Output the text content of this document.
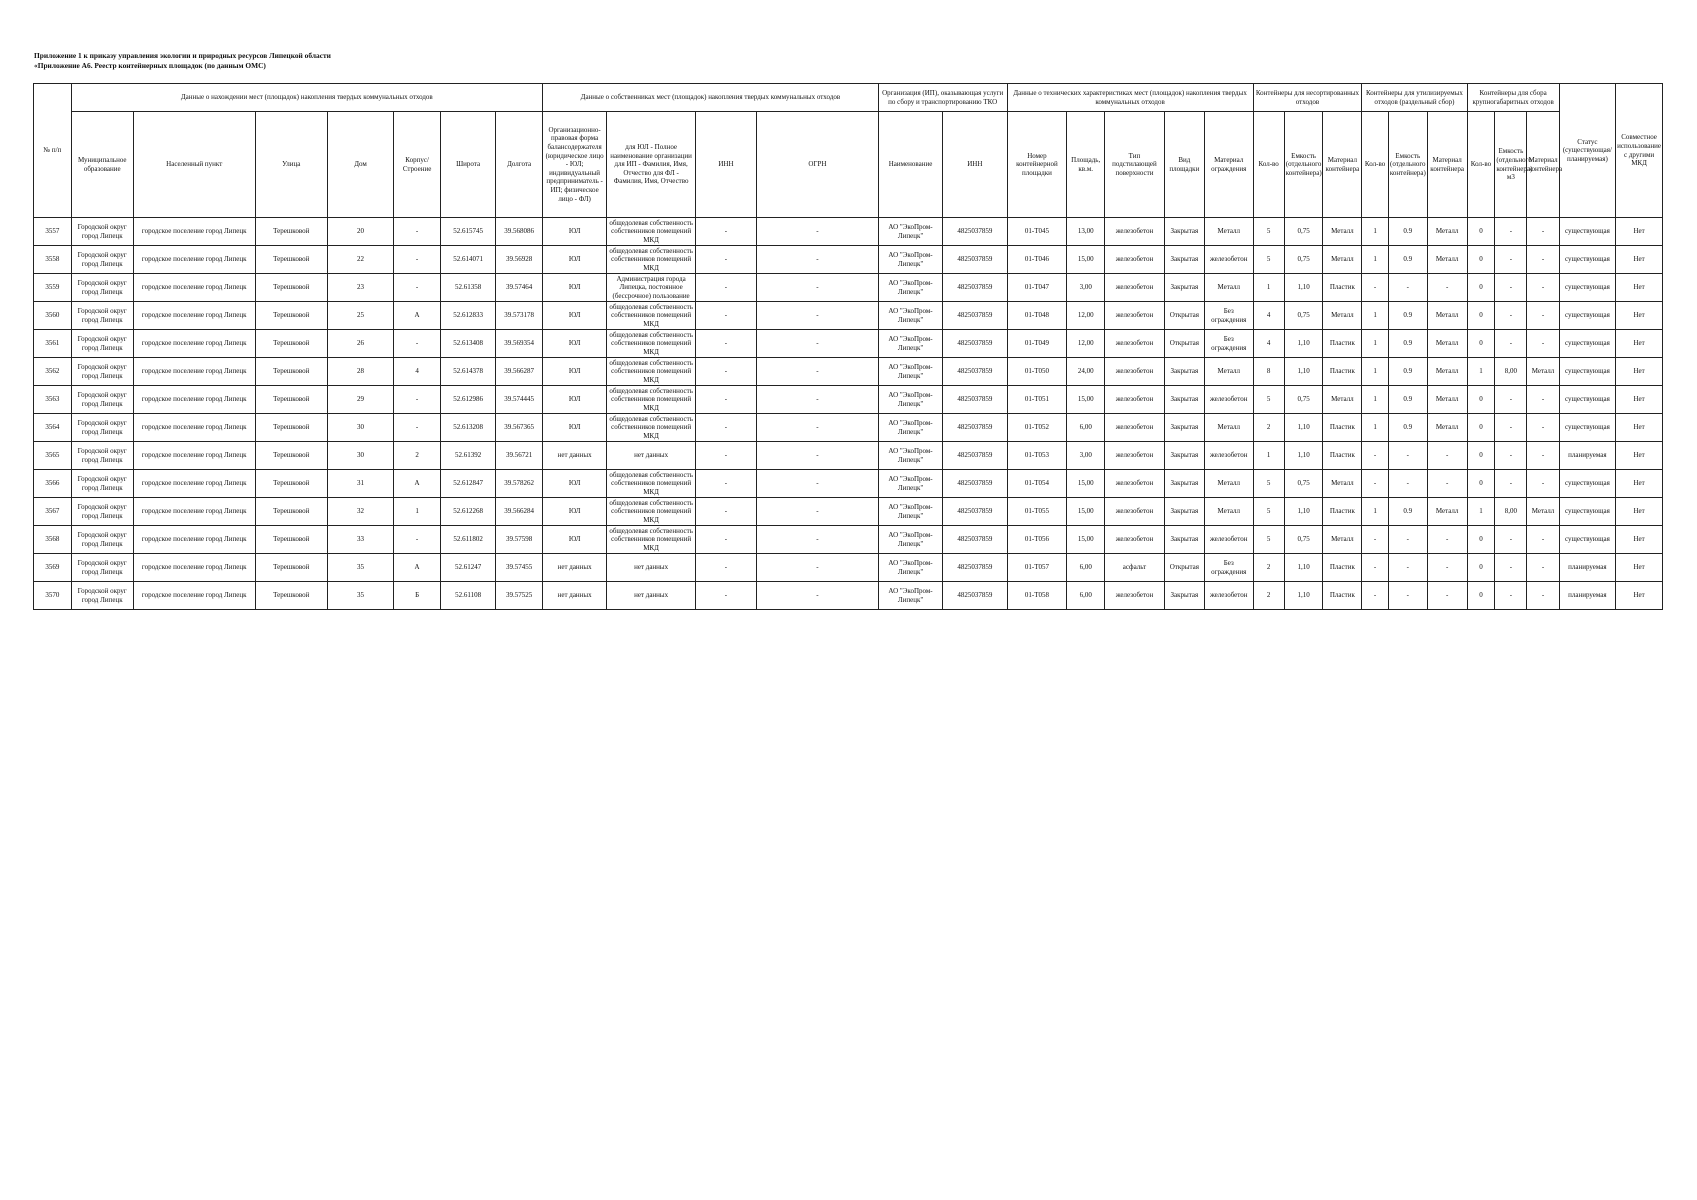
Приложение 1 к приказу управления экологии и природных ресурсов Липецкой области
«Приложение А6. Реестр контейнерных площадок (по данным ОМС)
№ п/п	Данные о нахождении мест (площадок) накопления твердых коммунальных отходов							Данные о собственниках мест (площадок) накопления твердых коммунальных отходов				Организация (ИП), оказывающая услуги по сбору и транспортированию ТКО		Данные о технических характеристиках мест (площадок) накопления твердых коммунальных отходов					Контейнеры для несортированных отходов			Контейнеры для утилизируемых отходов (раздельный сбор)			Контейнеры для сбора крупногабаритных отходов			Статус (существующая/ планируемая)	Совместное использование с другими МКД
	Муниципальное образование	Населенный пункт	Улица	Дом	Корпус/Строение	Широта	Долгота	Организационно-правовая форма балансодержателя (юридическое лицо - ЮЛ; индивидуальный предприниматель - ИП; физическое лицо - ФЛ)	для ЮЛ - Полное наименование организации для ИП - Фамилия, Имя, Отчество для ФЛ - Фамилия, Имя, Отчество	ИНН	ОГРН	Наименование	ИНН	Номер контейнерной площадки	Площадь, кв.м.	Тип подстилающей поверхности	Вид площадки	Материал ограждения	Кол-во	Емкость (отдельного контейнера)	Материал контейнера	Кол-во	Емкость (отдельного контейнера)	Материал контейнера	Кол-во	Емкость (отдельного контейнера) м3	Материал контейнера		
3557	Городской округ город Липецк	городское поселение город Липецк	Терешковой	20	-	52.615745	39.568086	ЮЛ	общедолевая собственность собственников помещений МКД	-	-	АО "ЭкоПром-Липецк"	4825037859	01-Т045	13,00	железобетон	Закрытая	Металл	5	0,75	Металл	1	0.9	Металл	0	-	-	существующая	Нет
3558	Городской округ город Липецк	городское поселение город Липецк	Терешковой	22	-	52.614071	39.56928	ЮЛ	общедолевая собственность собственников помещений МКД	-	-	АО "ЭкоПром-Липецк"	4825037859	01-Т046	15,00	железобетон	Закрытая	железобетон	5	0,75	Металл	1	0.9	Металл	0	-	-	существующая	Нет
3559	Городской округ город Липецк	городское поселение город Липецк	Терешковой	23	-	52.61358	39.57464	ЮЛ	Администрация города Липецка, постоянное (бессрочное) пользование	-	-	АО "ЭкоПром-Липецк"	4825037859	01-Т047	3,00	железобетон	Закрытая	Металл	1	1,10	Пластик	-	-	-	0	-	-	существующая	Нет
3560	Городской округ город Липецк	городское поселение город Липецк	Терешковой	25	А	52.612833	39.573178	ЮЛ	общедолевая собственность собственников помещений МКД	-	-	АО "ЭкоПром-Липецк"	4825037859	01-Т048	12,00	железобетон	Открытая	Без ограждения	4	0,75	Металл	1	0.9	Металл	0	-	-	существующая	Нет
3561	Городской округ город Липецк	городское поселение город Липецк	Терешковой	26	-	52.613408	39.569354	ЮЛ	общедолевая собственность собственников помещений МКД	-	-	АО "ЭкоПром-Липецк"	4825037859	01-Т049	12,00	железобетон	Открытая	Без ограждения	4	1,10	Пластик	1	0.9	Металл	0	-	-	существующая	Нет
3562	Городской округ город Липецк	городское поселение город Липецк	Терешковой	28	4	52.614378	39.566287	ЮЛ	общедолевая собственность собственников помещений МКД	-	-	АО "ЭкоПром-Липецк"	4825037859	01-Т050	24,00	железобетон	Закрытая	Металл	8	1,10	Пластик	1	0.9	Металл	1	8,00	Металл	существующая	Нет
3563	Городской округ город Липецк	городское поселение город Липецк	Терешковой	29	-	52.612986	39.574445	ЮЛ	общедолевая собственность собственников помещений МКД	-	-	АО "ЭкоПром-Липецк"	4825037859	01-Т051	15,00	железобетон	Закрытая	железобетон	5	0,75	Металл	1	0.9	Металл	0	-	-	существующая	Нет
3564	Городской округ город Липецк	городское поселение город Липецк	Терешковой	30	-	52.613208	39.567365	ЮЛ	общедолевая собственность собственников помещений МКД	-	-	АО "ЭкоПром-Липецк"	4825037859	01-Т052	6,00	железобетон	Закрытая	Металл	2	1,10	Пластик	1	0.9	Металл	0	-	-	существующая	Нет
3565	Городской округ город Липецк	городское поселение город Липецк	Терешковой	30	2	52.61392	39.56721	нет данных	нет данных	-	-	АО "ЭкоПром-Липецк"	4825037859	01-Т053	3,00	железобетон	Закрытая	железобетон	1	1,10	Пластик	-	-	-	0	-	-	планируемая	Нет
3566	Городской округ город Липецк	городское поселение город Липецк	Терешковой	31	А	52.612847	39.578262	ЮЛ	общедолевая собственность собственников помещений МКД	-	-	АО "ЭкоПром-Липецк"	4825037859	01-Т054	15,00	железобетон	Закрытая	Металл	5	0,75	Металл	-	-	-	0	-	-	существующая	Нет
3567	Городской округ город Липецк	городское поселение город Липецк	Терешковой	32	1	52.612268	39.566284	ЮЛ	общедолевая собственность собственников помещений МКД	-	-	АО "ЭкоПром-Липецк"	4825037859	01-Т055	15,00	железобетон	Закрытая	Металл	5	1,10	Пластик	1	0.9	Металл	1	8,00	Металл	существующая	Нет
3568	Городской округ город Липецк	городское поселение город Липецк	Терешковой	33	-	52.611802	39.57598	ЮЛ	общедолевая собственность собственников помещений МКД	-	-	АО "ЭкоПром-Липецк"	4825037859	01-Т056	15,00	железобетон	Закрытая	железобетон	5	0,75	Металл	-	-	-	0	-	-	существующая	Нет
3569	Городской округ город Липецк	городское поселение город Липецк	Терешковой	35	А	52.61247	39.57455	нет данных	нет данных	-	-	АО "ЭкоПром-Липецк"	4825037859	01-Т057	6,00	асфальт	Открытая	Без ограждения	2	1,10	Пластик	-	-	-	0	-	-	планируемая	Нет
3570	Городской округ город Липецк	городское поселение город Липецк	Терешковой	35	Б	52.61108	39.57525	нет данных	нет данных	-	-	АО "ЭкоПром-Липецк"	4825037859	01-Т058	6,00	железобетон	Закрытая	железобетон	2	1,10	Пластик	-	-	-	0	-	-	планируемая	Нет
